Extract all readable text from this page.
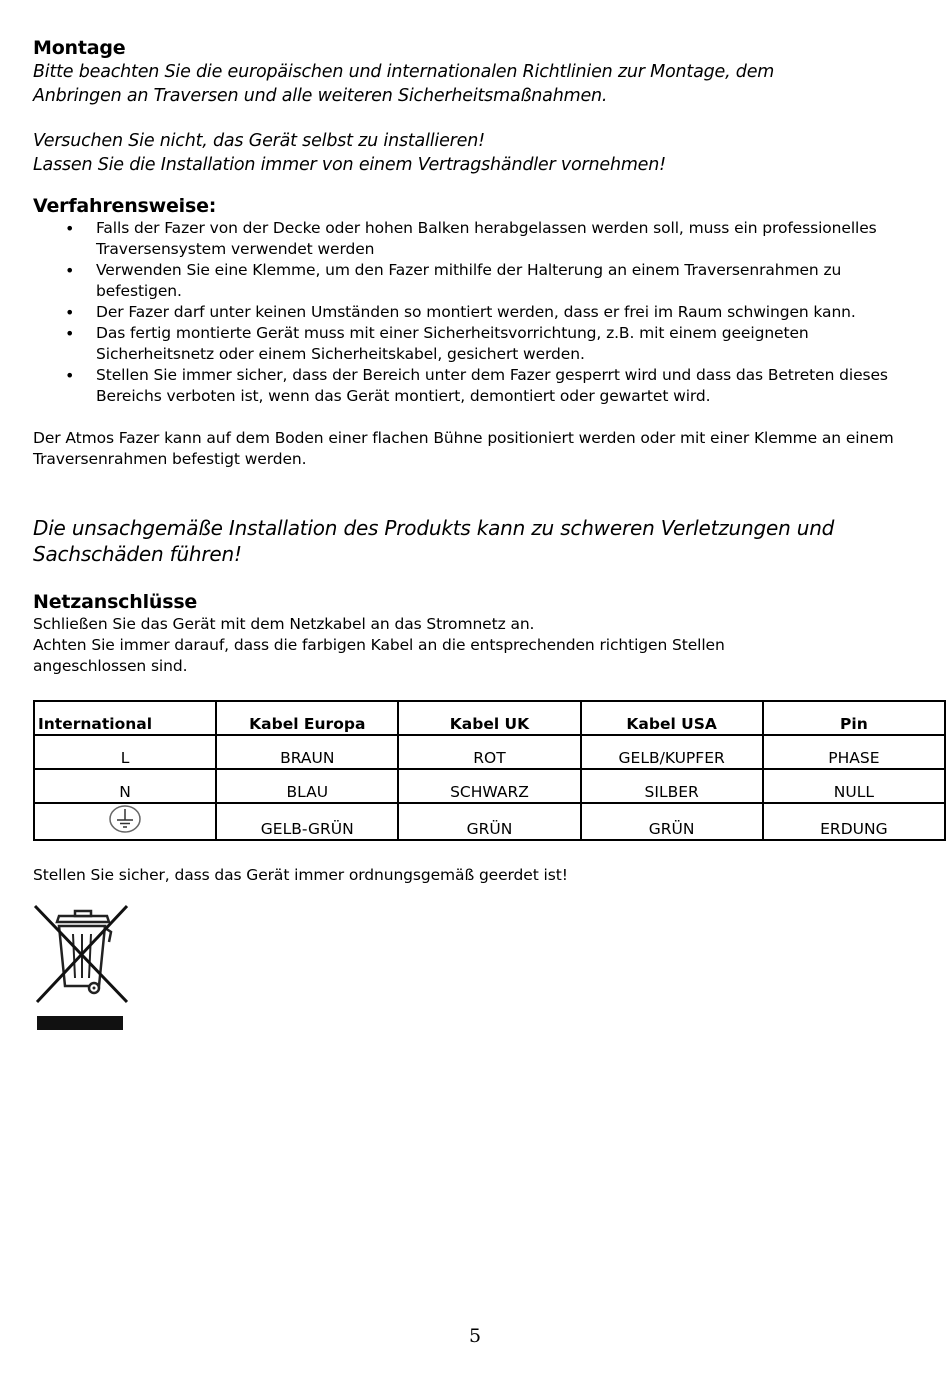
Montage

Bitte beachten Sie die europäischen und internationalen Richtlinien zur Montage, dem

Anbringen an Traversen und alle weiteren Sicherheitsmaßnahmen.

Versuchen Sie nicht, das Gerät selbst zu installieren!

Lassen Sie die Installation immer von einem Vertragshändler vornehmen!

Verfahrensweise:
• Falls der Fazer von der Decke oder hohen Balken herabgelassen werden soll, muss ein professionelles Traversensystem verwendet werden
• Verwenden Sie eine Klemme, um den Fazer mithilfe der Halterung an einem Traversenrahmen zu befestigen.
• Der Fazer darf unter keinen Umständen so montiert werden, dass er frei im Raum schwingen kann.
• Das fertig montierte Gerät muss mit einer Sicherheitsvorrichtung, z.B. mit einem geeigneten Sicherheitsnetz oder einem Sicherheitskabel, gesichert werden.
• Stellen Sie immer sicher, dass der Bereich unter dem Fazer gesperrt wird und dass das Betreten dieses Bereichs verboten ist, wenn das Gerät montiert, demontiert oder gewartet wird.

Der Atmos Fazer kann auf dem Boden einer flachen Bühne positioniert werden oder mit einer Klemme an einem Traversenrahmen befestigt werden.

Die unsachgemäße Installation des Produkts kann zu schweren Verletzungen und Sachschäden führen!

Netzanschlüsse

Schließen Sie das Gerät mit dem Netzkabel an das Stromnetz an.

Achten Sie immer darauf, dass die farbigen Kabel an die entsprechenden richtigen Stellen angeschlossen sind.

International	Kabel Europa	Kabel UK	Kabel USA	Pin
L	BRAUN	ROT	GELB/KUPFER	PHASE
N	BLAU	SCHWARZ	SILBER	NULL
	GELB-GRÜN	GRÜN	GRÜN	ERDUNG

Stellen Sie sicher, dass das Gerät immer ordnungsgemäß geerdet ist!

5
